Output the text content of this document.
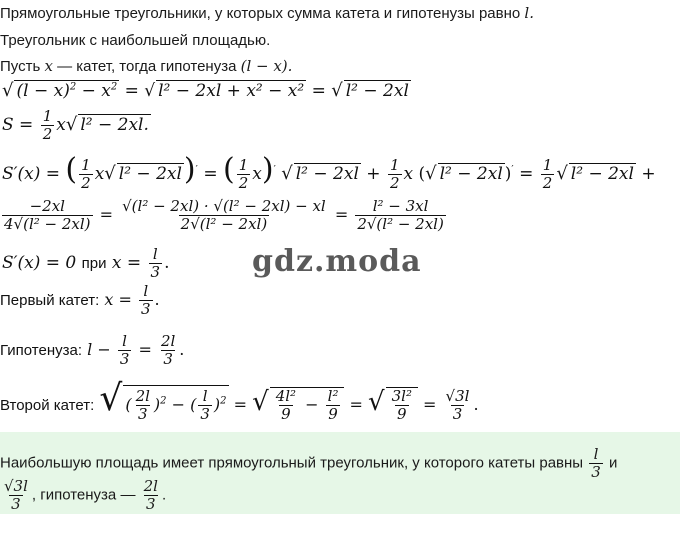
Прямоугольные треугольники, у которых сумма катета и гипотенузы равно l.
Треугольник с наибольшей площадью.
Пусть x — катет, тогда гипотенуза (l − x).
√ $(l - x)^2 - x^2$ = √ l² − 2xl + x² − x² = √ l² − 2xl
$S = \frac{1}{2} x√$ l² − 2xl.
S′(x) = ( $\frac{1}{2} x√$ l² − 2xl)′ = ( $\frac{1}{2} x)'$ √ $l^2 - 2xl + \frac{1}{2}$ x (√ l² − 2xl )$' = \frac{1}{2}$ √ l² − 2xl +
$\frac{-2xl}{\text{4√(l² − 2xl)}} = \frac{\text{√(l² − 2xl) · √(l² − 2xl) − xl}}{\text{2√(l² − 2xl)}} = \frac{\text{l² − 3xl}}{\text{2√(l² − 2xl)}}$
S′(x) = 0 при $x = \frac{l}{3}$ .	gdz.moda
Первый катет: $x = \frac{l}{3}$ .
Гипотенуза: $l - \frac{l}{3} = \frac{2l}{3}$ .
Второй катет: √ ( $\frac{2l}{3} )^2$ − ( $\frac{l}{3} )^2$ = √ $\frac{\text{4l²}}{9} - \frac{\text{l²}}{9}$ = √ $\frac{\text{3l²}}{9} = \frac{√3l}{3}$ .
Наибольшую площадь имеет прямоугольный треугольник, у которого катеты равны $\frac{l}{3}$ и
$\frac{√3l}{3}$ , гипотенуза — $\frac{2l}{3}$ .
